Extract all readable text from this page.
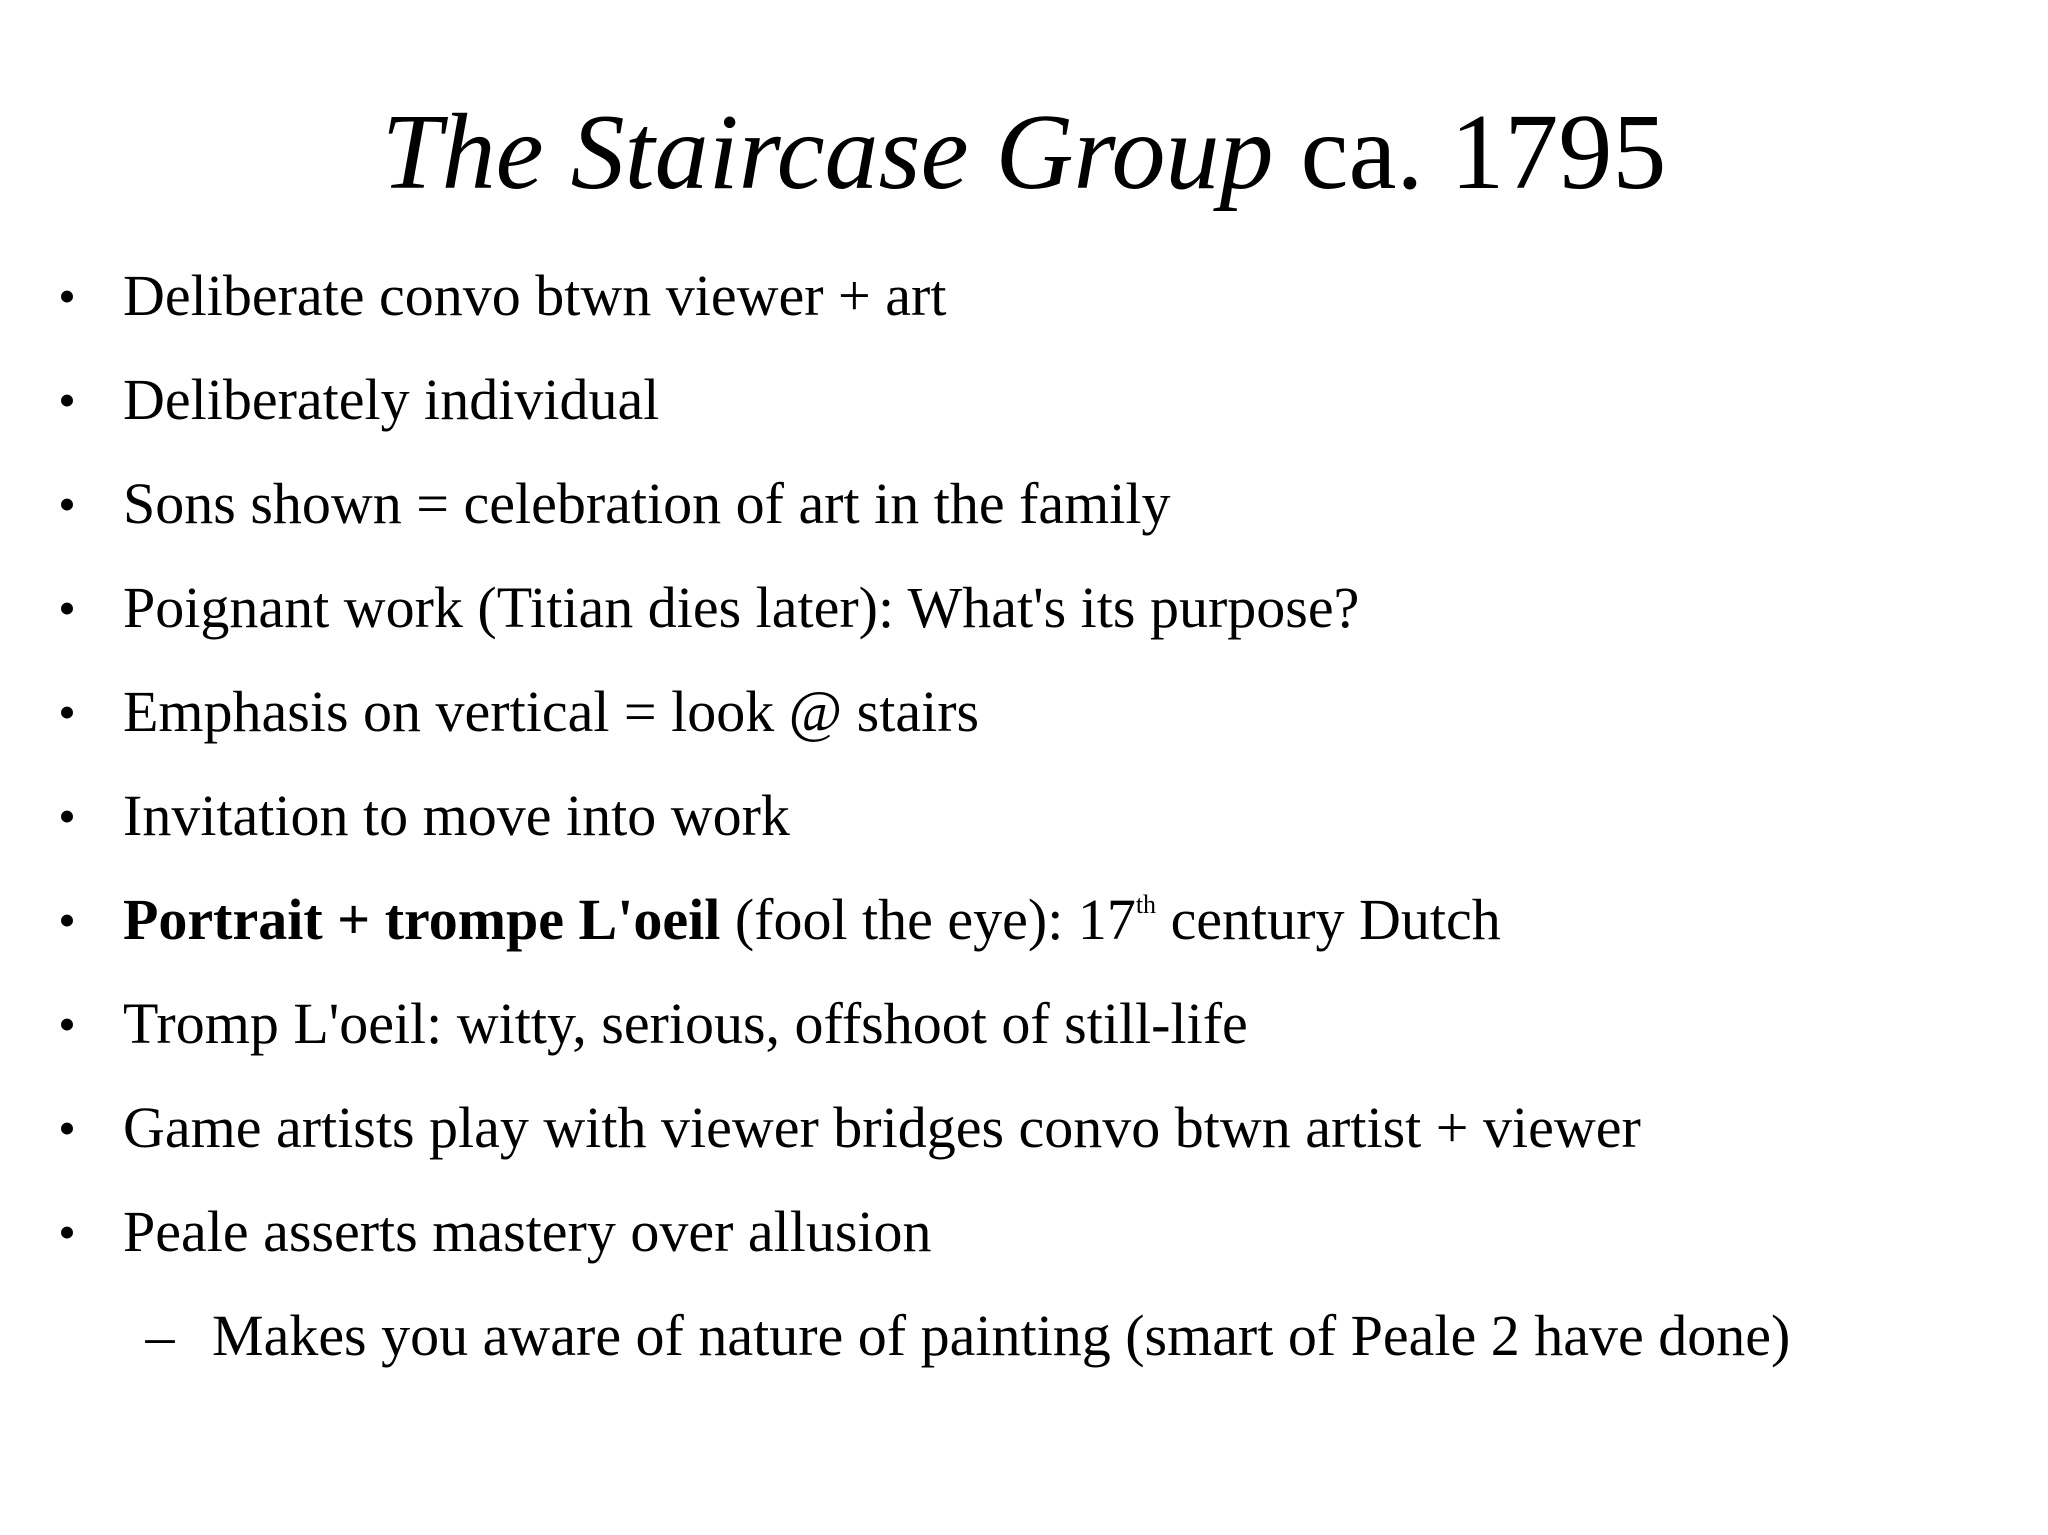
The Staircase Group ca. 1795
• Deliberate convo btwn viewer + art
• Deliberately individual
• Sons shown = celebration of art in the family
• Poignant work (Titian dies later): What's its purpose?
• Emphasis on vertical = look @ stairs
• Invitation to move into work
• Portrait + trompe L'oeil (fool the eye): 17th century Dutch
• Tromp L'oeil: witty, serious, offshoot of still-life
• Game artists play with viewer bridges convo btwn artist + viewer
• Peale asserts mastery over allusion
– Makes you aware of nature of painting (smart of Peale 2 have done)
